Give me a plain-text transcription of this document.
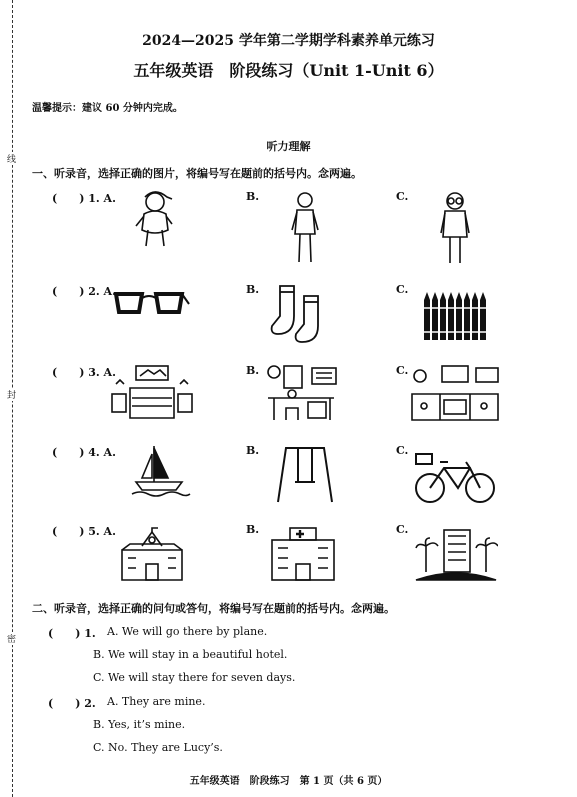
线
封
密
2024—2025 学年第二学期学科素养单元练习
五年级英语　阶段练习（Unit 1-Unit 6）
温馨提示：建议 60 分钟内完成。
听力理解
一、听录音，选择正确的图片，将编号写在题前的括号内。念两遍。
(　　) 1. A.	B.	C.
(　　) 2. A.	B.	C.
(　　) 3. A.	B.	C.
(　　) 4. A.	B.	C.
(　　) 5. A.	B.	C.
二、听录音，选择正确的问句或答句，将编号写在题前的括号内。念两遍。
(　　) 1. A. We will go there by plane.
B. We will stay in a beautiful hotel.
C. We will stay there for seven days.
(　　) 2. A. They are mine.
B. Yes, it’s mine.
C. No. They are Lucy’s.
五年级英语　阶段练习　第 1 页（共 6 页）
